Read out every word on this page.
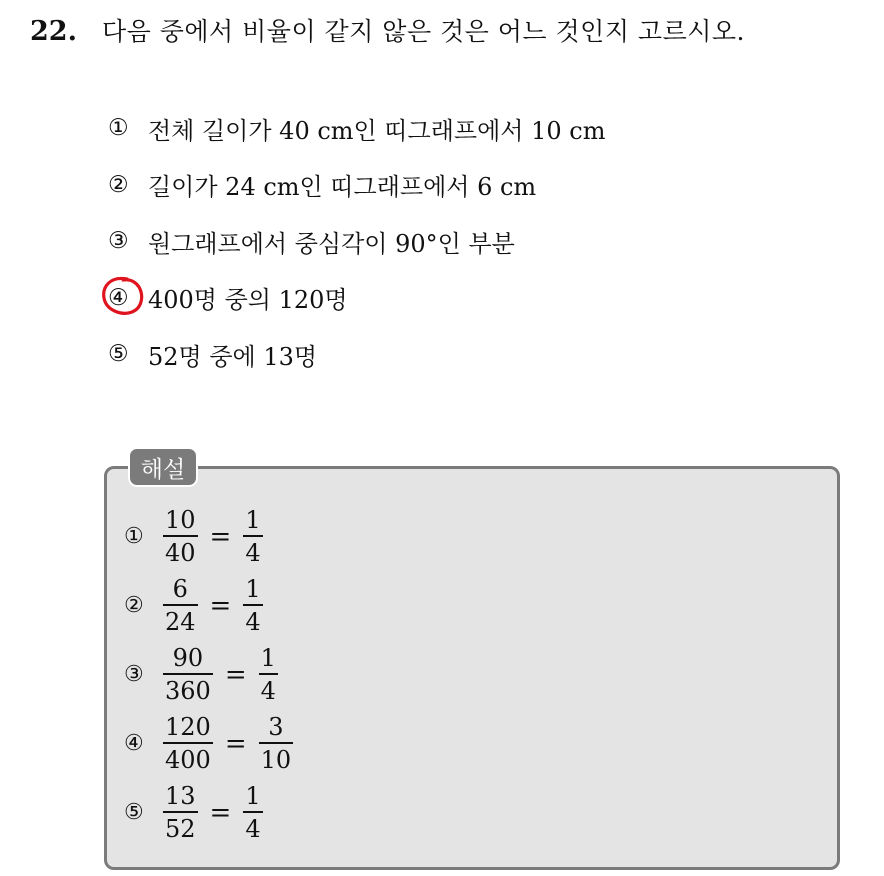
22.	다음 중에서 비율이 같지 않은 것은 어느 것인지 고르시오.
① 전체 길이가 40 cm인 띠그래프에서 10 cm
② 길이가 24 cm인 띠그래프에서 6 cm
③ 원그래프에서 중심각이 90°인 부분
④ 400명 중의 120명
⑤ 52명 중에 13명
해설
① $\frac{10}{40} = \frac{1}{4}$
② $\frac{6}{24} = \frac{1}{4}$
③ $\frac{90}{360} = \frac{1}{4}$
④ $\frac{120}{400} = \frac{3}{10}$
⑤ $\frac{13}{52} = \frac{1}{4}$
